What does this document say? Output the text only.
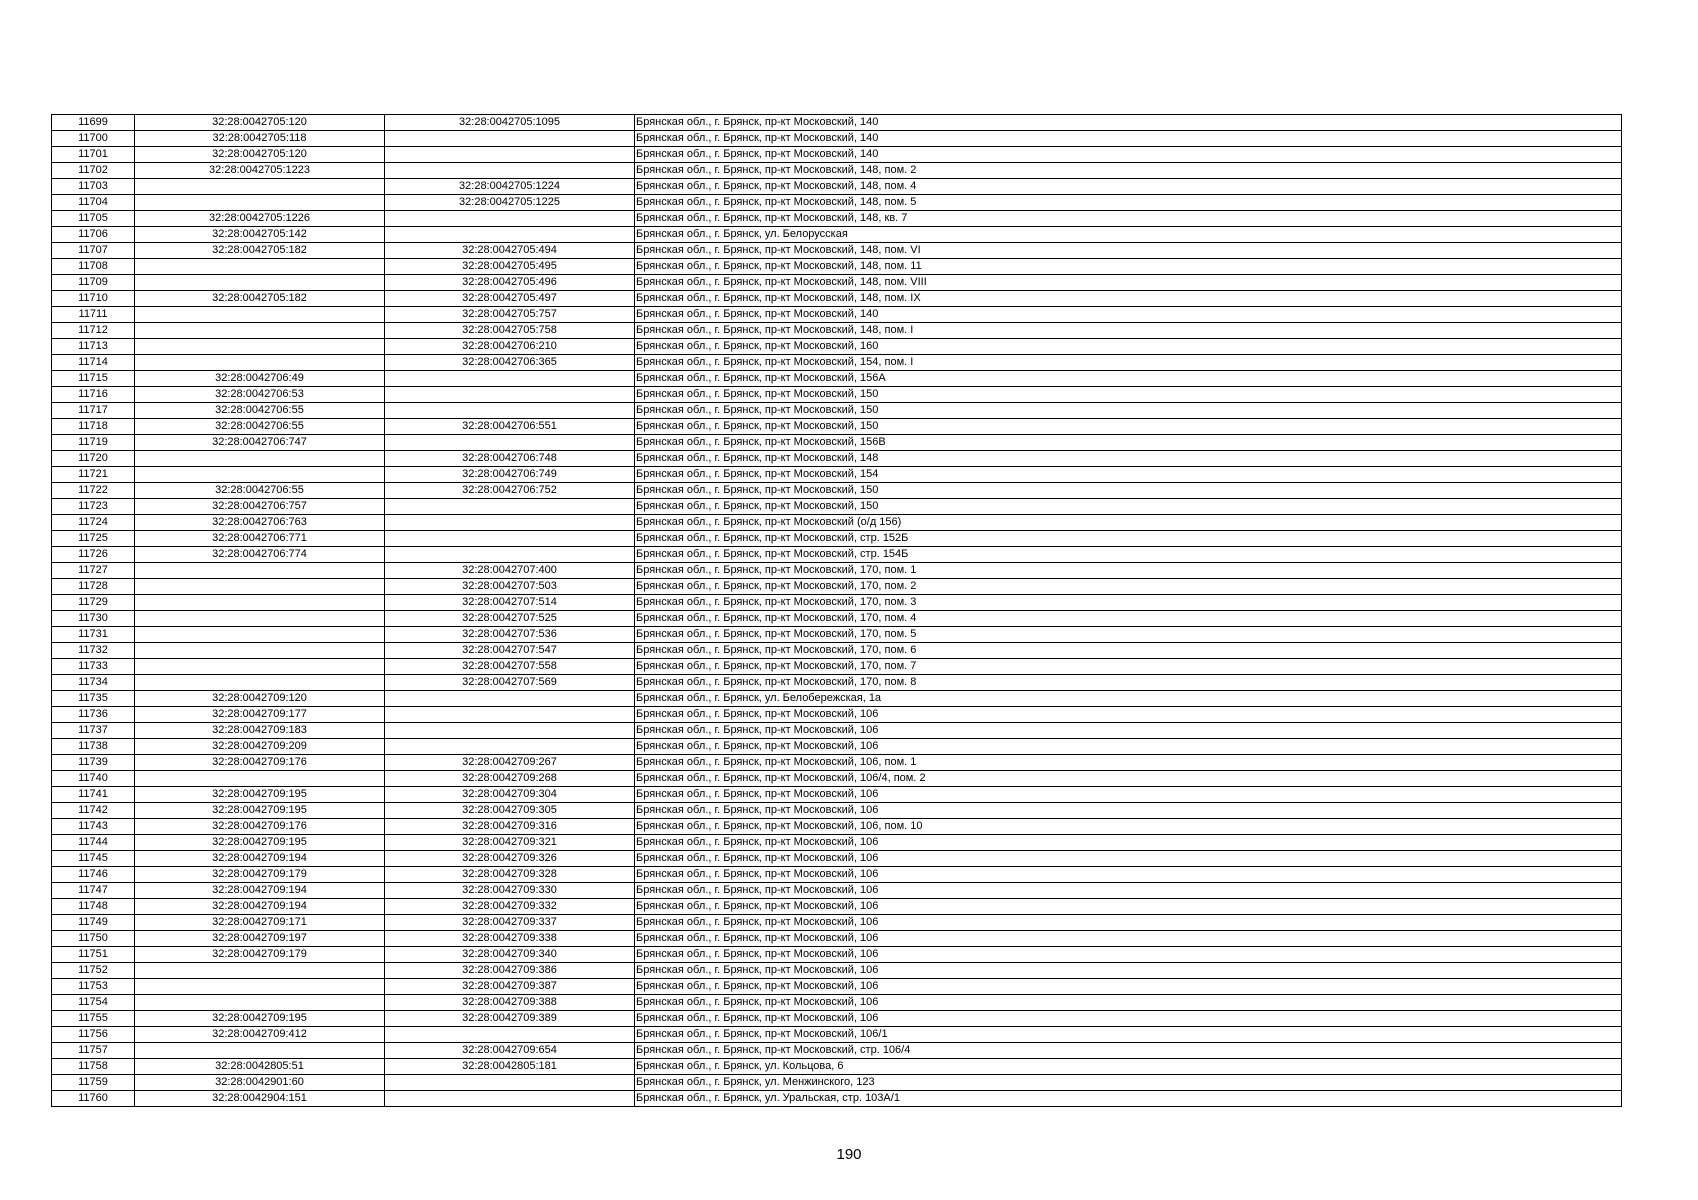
11699	32:28:0042705:120	32:28:0042705:1095	Брянская обл., г. Брянск, пр-кт Московский, 140
11700	32:28:0042705:118		Брянская обл., г. Брянск, пр-кт Московский, 140
11701	32:28:0042705:120		Брянская обл., г. Брянск, пр-кт Московский, 140
11702	32:28:0042705:1223		Брянская обл., г. Брянск, пр-кт Московский, 148, пом. 2
11703		32:28:0042705:1224	Брянская обл., г. Брянск, пр-кт Московский, 148, пом. 4
11704		32:28:0042705:1225	Брянская обл., г. Брянск, пр-кт Московский, 148, пом. 5
11705	32:28:0042705:1226		Брянская обл., г. Брянск, пр-кт Московский, 148, кв. 7
11706	32:28:0042705:142		Брянская обл., г. Брянск, ул. Белорусская
11707	32:28:0042705:182	32:28:0042705:494	Брянская обл., г. Брянск, пр-кт Московский, 148, пом. VI
11708		32:28:0042705:495	Брянская обл., г. Брянск, пр-кт Московский, 148, пом. 11
11709		32:28:0042705:496	Брянская обл., г. Брянск, пр-кт Московский, 148, пом. VIII
11710	32:28:0042705:182	32:28:0042705:497	Брянская обл., г. Брянск, пр-кт Московский, 148, пом. IX
11711		32:28:0042705:757	Брянская обл., г. Брянск, пр-кт Московский, 140
11712		32:28:0042705:758	Брянская обл., г. Брянск, пр-кт Московский, 148, пом. I
11713		32:28:0042706:210	Брянская обл., г. Брянск, пр-кт Московский, 160
11714		32:28:0042706:365	Брянская обл., г. Брянск, пр-кт Московский, 154, пом. I
11715	32:28:0042706:49		Брянская обл., г. Брянск, пр-кт Московский, 156А
11716	32:28:0042706:53		Брянская обл., г. Брянск, пр-кт Московский, 150
11717	32:28:0042706:55		Брянская обл., г. Брянск, пр-кт Московский, 150
11718	32:28:0042706:55	32:28:0042706:551	Брянская обл., г. Брянск, пр-кт Московский, 150
11719	32:28:0042706:747		Брянская обл., г. Брянск, пр-кт Московский, 156В
11720		32:28:0042706:748	Брянская обл., г. Брянск, пр-кт Московский, 148
11721		32:28:0042706:749	Брянская обл., г. Брянск, пр-кт Московский, 154
11722	32:28:0042706:55	32:28:0042706:752	Брянская обл., г. Брянск, пр-кт Московский, 150
11723	32:28:0042706:757		Брянская обл., г. Брянск, пр-кт Московский, 150
11724	32:28:0042706:763		Брянская обл., г. Брянск, пр-кт Московский (о/д 156)
11725	32:28:0042706:771		Брянская обл., г. Брянск, пр-кт Московский, стр. 152Б
11726	32:28:0042706:774		Брянская обл., г. Брянск, пр-кт Московский, стр. 154Б
11727		32:28:0042707:400	Брянская обл., г. Брянск, пр-кт Московский, 170, пом. 1
11728		32:28:0042707:503	Брянская обл., г. Брянск, пр-кт Московский, 170, пом. 2
11729		32:28:0042707:514	Брянская обл., г. Брянск, пр-кт Московский, 170, пом. 3
11730		32:28:0042707:525	Брянская обл., г. Брянск, пр-кт Московский, 170, пом. 4
11731		32:28:0042707:536	Брянская обл., г. Брянск, пр-кт Московский, 170, пом. 5
11732		32:28:0042707:547	Брянская обл., г. Брянск, пр-кт Московский, 170, пом. 6
11733		32:28:0042707:558	Брянская обл., г. Брянск, пр-кт Московский, 170, пом. 7
11734		32:28:0042707:569	Брянская обл., г. Брянск, пр-кт Московский, 170, пом. 8
11735	32:28:0042709:120		Брянская обл., г. Брянск, ул. Белобережская, 1а
11736	32:28:0042709:177		Брянская обл., г. Брянск, пр-кт Московский, 106
11737	32:28:0042709:183		Брянская обл., г. Брянск, пр-кт Московский, 106
11738	32:28:0042709:209		Брянская обл., г. Брянск, пр-кт Московский, 106
11739	32:28:0042709:176	32:28:0042709:267	Брянская обл., г. Брянск, пр-кт Московский, 106, пом. 1
11740		32:28:0042709:268	Брянская обл., г. Брянск, пр-кт Московский, 106/4, пом. 2
11741	32:28:0042709:195	32:28:0042709:304	Брянская обл., г. Брянск, пр-кт Московский, 106
11742	32:28:0042709:195	32:28:0042709:305	Брянская обл., г. Брянск, пр-кт Московский, 106
11743	32:28:0042709:176	32:28:0042709:316	Брянская обл., г. Брянск, пр-кт Московский, 106, пом. 10
11744	32:28:0042709:195	32:28:0042709:321	Брянская обл., г. Брянск, пр-кт Московский, 106
11745	32:28:0042709:194	32:28:0042709:326	Брянская обл., г. Брянск, пр-кт Московский, 106
11746	32:28:0042709:179	32:28:0042709:328	Брянская обл., г. Брянск, пр-кт Московский, 106
11747	32:28:0042709:194	32:28:0042709:330	Брянская обл., г. Брянск, пр-кт Московский, 106
11748	32:28:0042709:194	32:28:0042709:332	Брянская обл., г. Брянск, пр-кт Московский, 106
11749	32:28:0042709:171	32:28:0042709:337	Брянская обл., г. Брянск, пр-кт Московский, 106
11750	32:28:0042709:197	32:28:0042709:338	Брянская обл., г. Брянск, пр-кт Московский, 106
11751	32:28:0042709:179	32:28:0042709:340	Брянская обл., г. Брянск, пр-кт Московский, 106
11752		32:28:0042709:386	Брянская обл., г. Брянск, пр-кт Московский, 106
11753		32:28:0042709:387	Брянская обл., г. Брянск, пр-кт Московский, 106
11754		32:28:0042709:388	Брянская обл., г. Брянск, пр-кт Московский, 106
11755	32:28:0042709:195	32:28:0042709:389	Брянская обл., г. Брянск, пр-кт Московский, 106
11756	32:28:0042709:412		Брянская обл., г. Брянск, пр-кт Московский, 106/1
11757		32:28:0042709:654	Брянская обл., г. Брянск, пр-кт Московский, стр. 106/4
11758	32:28:0042805:51	32:28:0042805:181	Брянская обл., г. Брянск, ул. Кольцова, 6
11759	32:28:0042901:60		Брянская обл., г. Брянск, ул. Менжинского, 123
11760	32:28:0042904:151		Брянская обл., г. Брянск, ул. Уральская, стр. 103А/1
190
